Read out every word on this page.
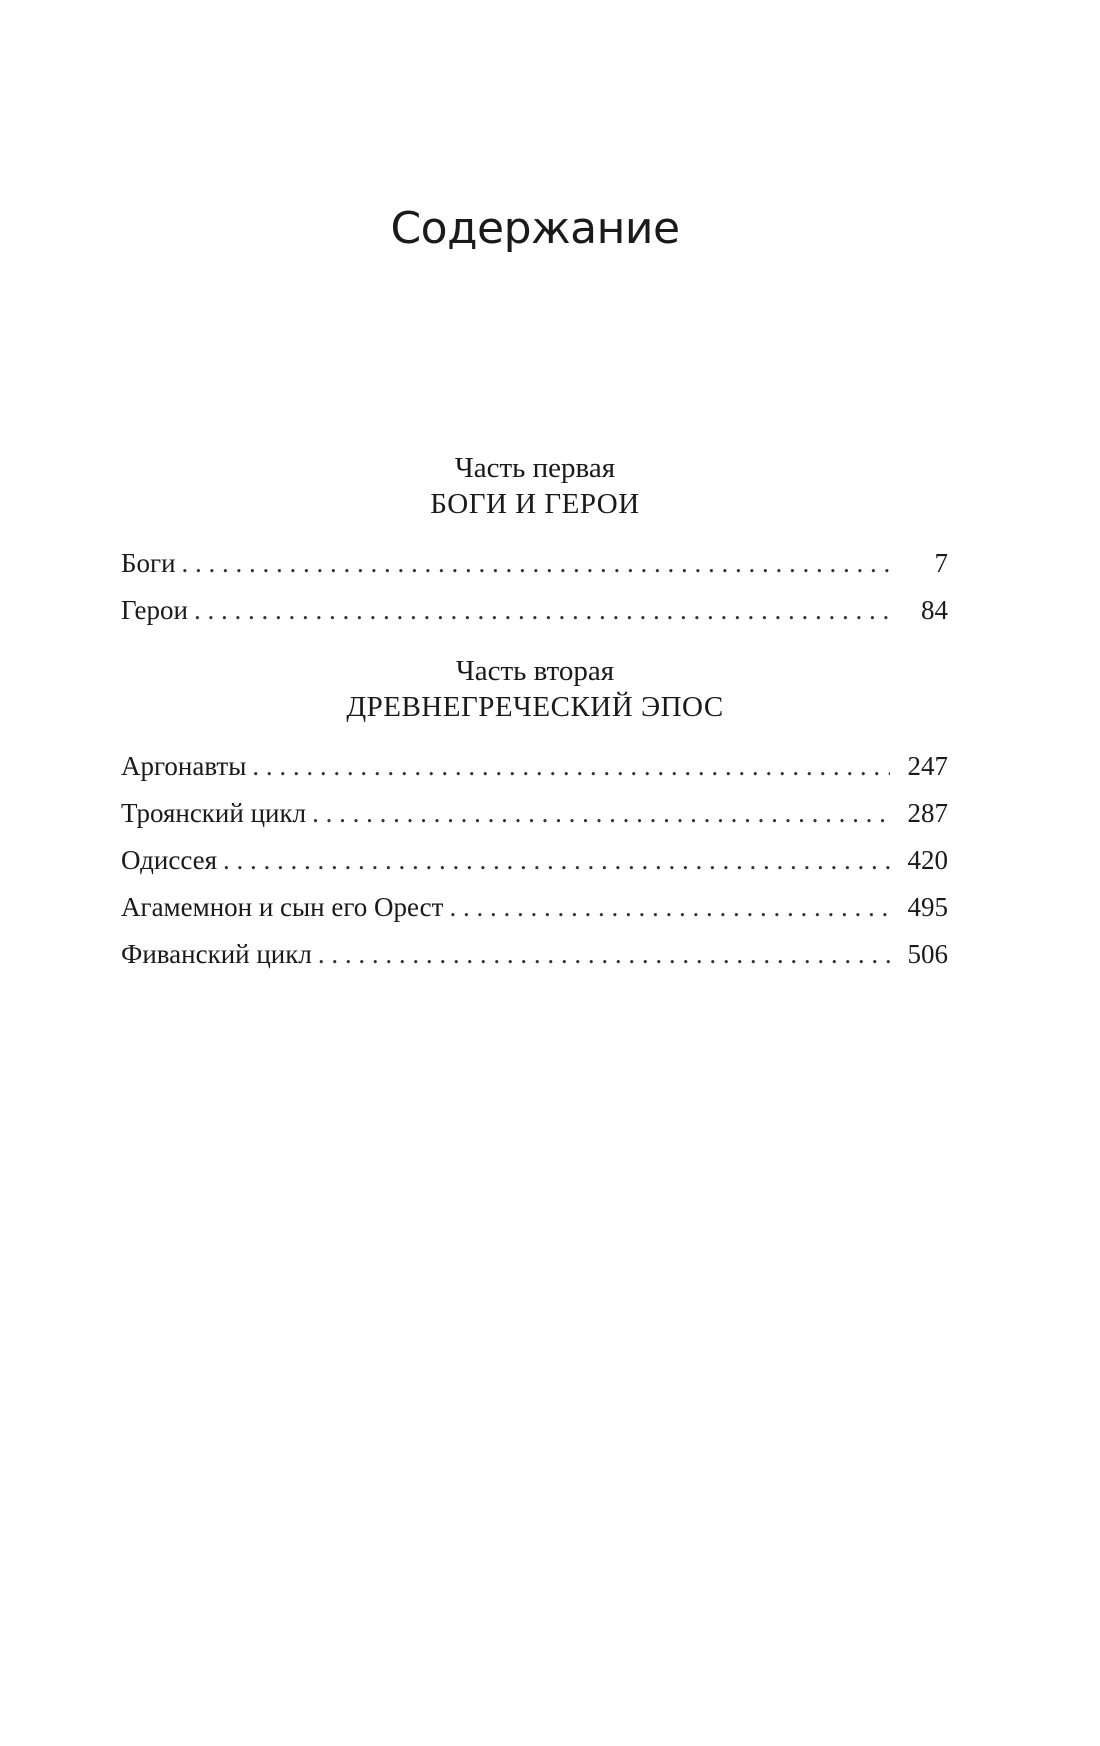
Содержание
Часть первая
БОГИ И ГЕРОИ
Боги . . .	7
Герои . . .	84
Часть вторая
ДРЕВНЕГРЕЧЕСКИЙ ЭПОС
Аргонавты . . .	247
Троянский цикл . . .	287
Одиссея . . .	420
Агамемнон и сын его Орест . . .	495
Фиванский цикл . . .	506
